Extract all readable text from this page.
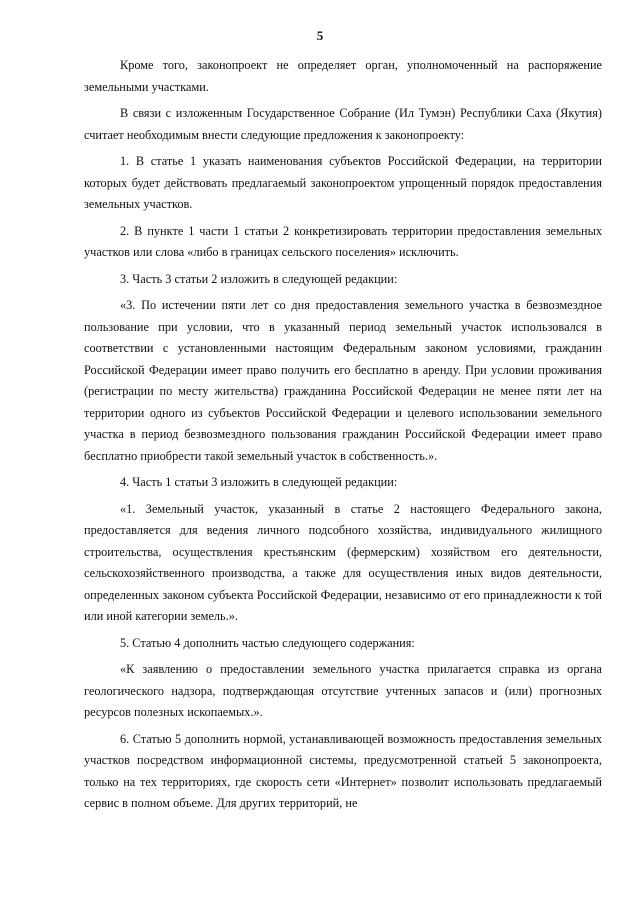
5

Кроме того, законопроект не определяет орган, уполномоченный на распоряжение земельными участками.

В связи с изложенным Государственное Собрание (Ил Тумэн) Республики Саха (Якутия) считает необходимым внести следующие предложения к законопроекту:

1. В статье 1 указать наименования субъектов Российской Федерации, на территории которых будет действовать предлагаемый законопроектом упрощенный порядок предоставления земельных участков.

2. В пункте 1 части 1 статьи 2 конкретизировать территории предоставления земельных участков или слова «либо в границах сельского поселения» исключить.

3. Часть 3 статьи 2 изложить в следующей редакции:

«3. По истечении пяти лет со дня предоставления земельного участка в безвозмездное пользование при условии, что в указанный период земельный участок использовался в соответствии с установленными настоящим Федеральным законом условиями, гражданин Российской Федерации имеет право получить его бесплатно в аренду. При условии проживания (регистрации по месту жительства) гражданина Российской Федерации не менее пяти лет на территории одного из субъектов Российской Федерации и целевого использовании земельного участка в период безвозмездного пользования гражданин Российской Федерации имеет право бесплатно приобрести такой земельный участок в собственность.».

4. Часть 1 статьи 3 изложить в следующей редакции:

«1. Земельный участок, указанный в статье 2 настоящего Федерального закона, предоставляется для ведения личного подсобного хозяйства, индивидуального жилищного строительства, осуществления крестьянским (фермерским) хозяйством его деятельности, сельскохозяйственного производства, а также для осуществления иных видов деятельности, определенных законом субъекта Российской Федерации, независимо от его принадлежности к той или иной категории земель.».

5. Статью 4 дополнить частью следующего содержания:

«К заявлению о предоставлении земельного участка прилагается справка из органа геологического надзора, подтверждающая отсутствие учтенных запасов и (или) прогнозных ресурсов полезных ископаемых.».

6. Статью 5 дополнить нормой, устанавливающей возможность предоставления земельных участков посредством информационной системы, предусмотренной статьей 5 законопроекта, только на тех территориях, где скорость сети «Интернет» позволит использовать предлагаемый сервис в полном объеме. Для других территорий, не
